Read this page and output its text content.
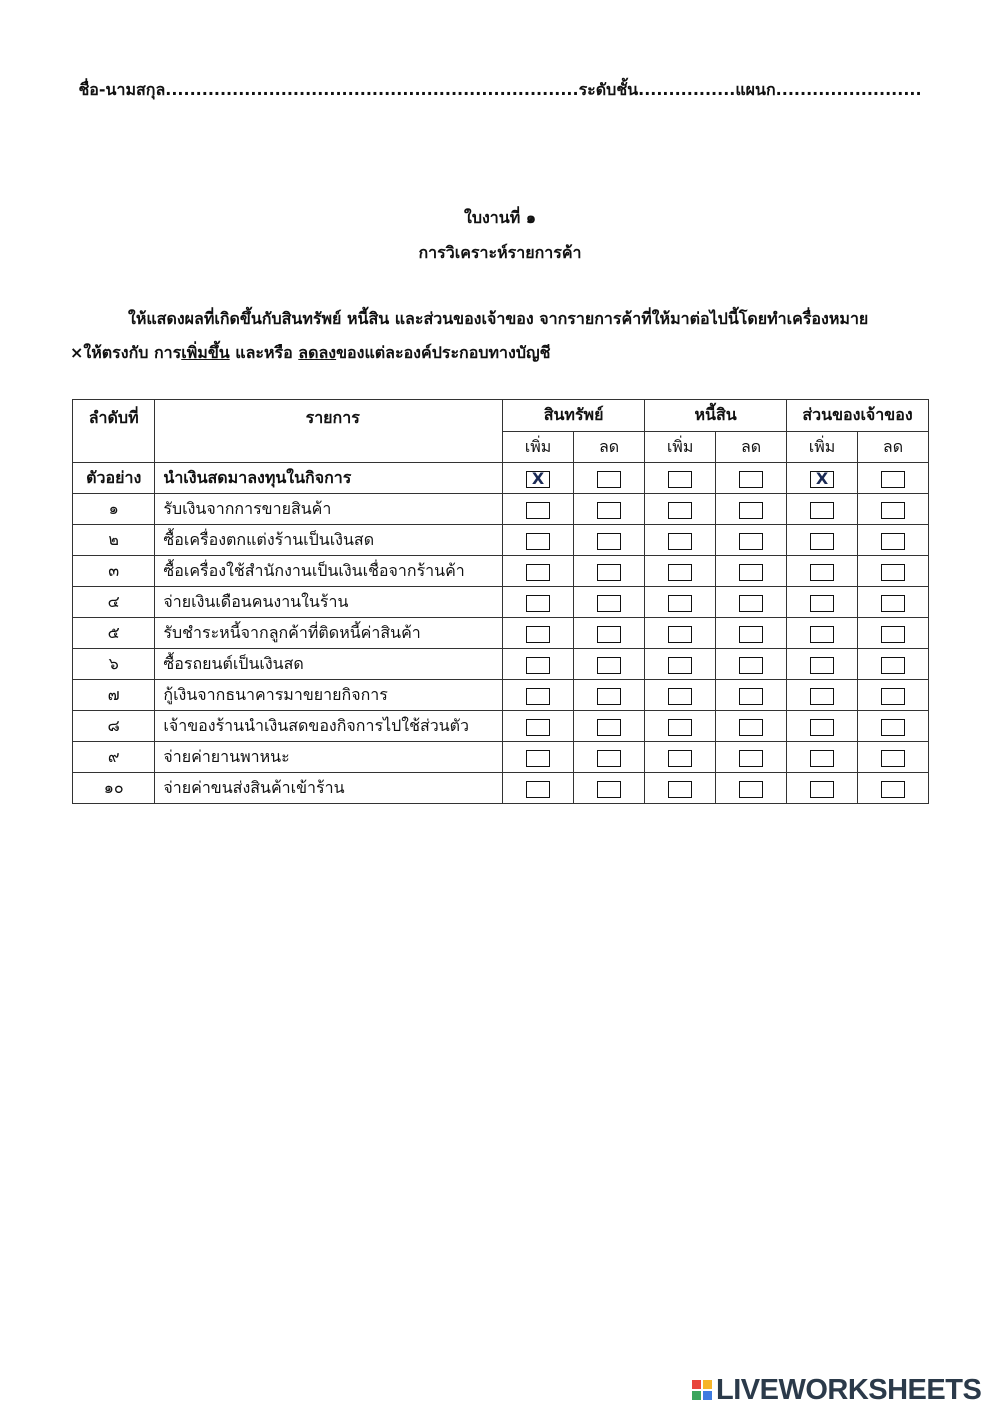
ชื่อ-นามสกุล....................................................................ระดับชั้น................แผนก........................
ใบงานที่ ๑
การวิเคราะห์รายการค้า
ให้แสดงผลที่เกิดขึ้นกับสินทรัพย์ หนี้สิน และส่วนของเจ้าของ จากรายการค้าที่ให้มาต่อไปนี้โดยทำเครื่องหมาย
×ให้ตรงกับ การเพิ่มขึ้น และหรือ ลดลงของแต่ละองค์ประกอบทางบัญชี
ลำดับที่	รายการ	สินทรัพย์		หนี้สิน		ส่วนของเจ้าของ	
		เพิ่ม	ลด	เพิ่ม	ลด	เพิ่ม	ลด
ตัวอย่าง	นำเงินสดมาลงทุนในกิจการ	X				X	
๑	รับเงินจากการขายสินค้า						
๒	ซื้อเครื่องตกแต่งร้านเป็นเงินสด						
๓	ซื้อเครื่องใช้สำนักงานเป็นเงินเชื่อจากร้านค้า						
๔	จ่ายเงินเดือนคนงานในร้าน						
๕	รับชำระหนี้จากลูกค้าที่ติดหนี้ค่าสินค้า						
๖	ซื้อรถยนต์เป็นเงินสด						
๗	กู้เงินจากธนาคารมาขยายกิจการ						
๘	เจ้าของร้านนำเงินสดของกิจการไปใช้ส่วนตัว						
๙	จ่ายค่ายานพาหนะ						
๑๐	จ่ายค่าขนส่งสินค้าเข้าร้าน						
LIVEWORKSHEETS
